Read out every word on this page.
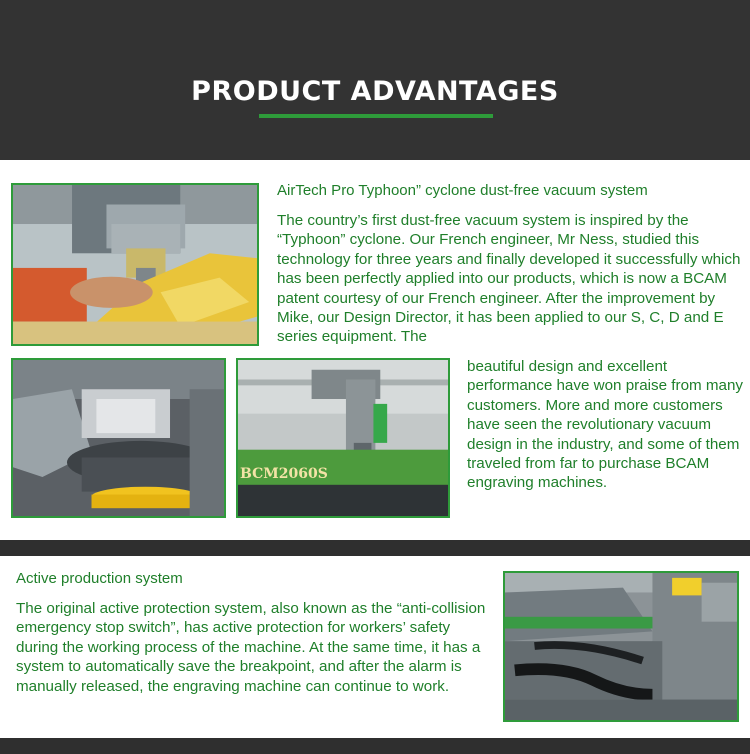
PRODUCT ADVANTAGES
BCM2060S
AirTech Pro Typhoon” cyclone dust-free vacuum system
The country’s first dust-free vacuum system is inspired by the “Typhoon” cyclone. Our French engineer, Mr Ness, studied this technology for three years and finally developed it successfully which has been perfectly applied into our products, which is now a BCAM patent courtesy of our French engineer. After the improvement by Mike, our Design Director, it has been applied to our S, C, D and E series equipment. The
beautiful design and excellent performance have won praise from many customers. More and more customers have seen the revolutionary vacuum design in the industry, and some of them traveled from far to purchase BCAM engraving machines.
Active production system
The original active protection system, also known as the “anti-collision emergency stop switch”, has active protection for workers’ safety during the working process of the machine. At the same time, it has a system to automatically save the breakpoint, and after the alarm is manually released, the engraving machine can continue to work.
